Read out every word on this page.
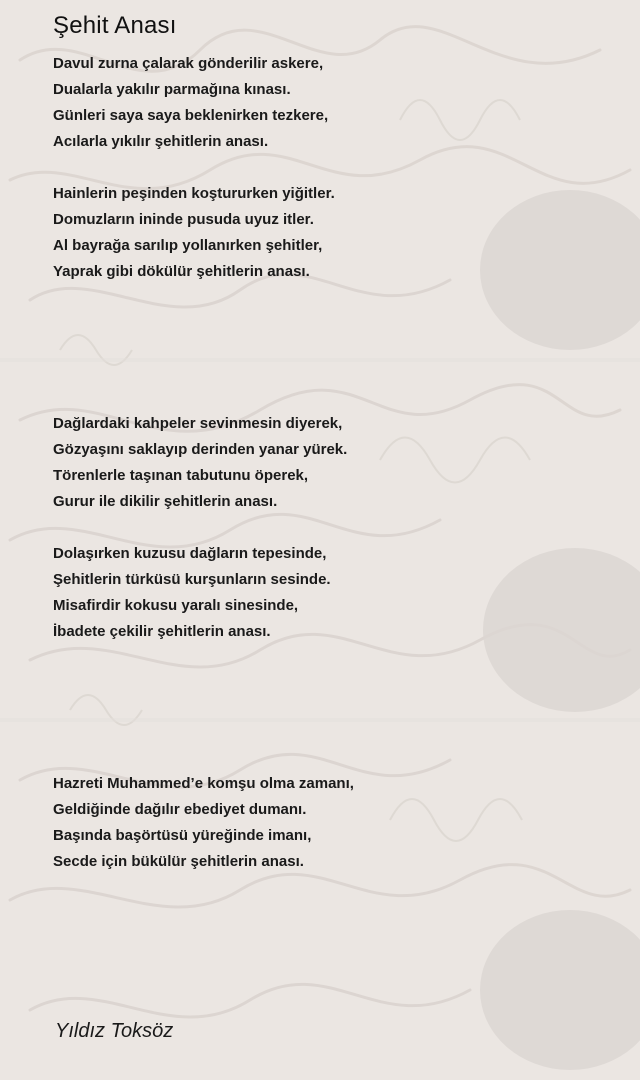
Şehit Anası
Davul zurna çalarak gönderilir askere,
Dualarla yakılır parmağına kınası.
Günleri saya saya beklenirken tezkere,
Acılarla yıkılır şehitlerin anası.
Hainlerin peşinden koştururken yiğitler.
Domuzların ininde pusuda uyuz itler.
Al bayrağa sarılıp yollanırken şehitler,
Yaprak gibi dökülür şehitlerin anası.
Dağlardaki kahpeler sevinmesin diyerek,
Gözyaşını saklayıp derinden yanar yürek.
Törenlerle taşınan tabutunu öperek,
Gurur ile dikilir şehitlerin anası.
Dolaşırken kuzusu dağların tepesinde,
Şehitlerin türküsü kurşunların sesinde.
Misafirdir kokusu yaralı sinesinde,
İbadete çekilir şehitlerin anası.
Hazreti Muhammed’e komşu olma zamanı,
Geldiğinde dağılır ebediyet dumanı.
Başında başörtüsü yüreğinde imanı,
Secde için bükülür şehitlerin anası.
Yıldız Toksöz
